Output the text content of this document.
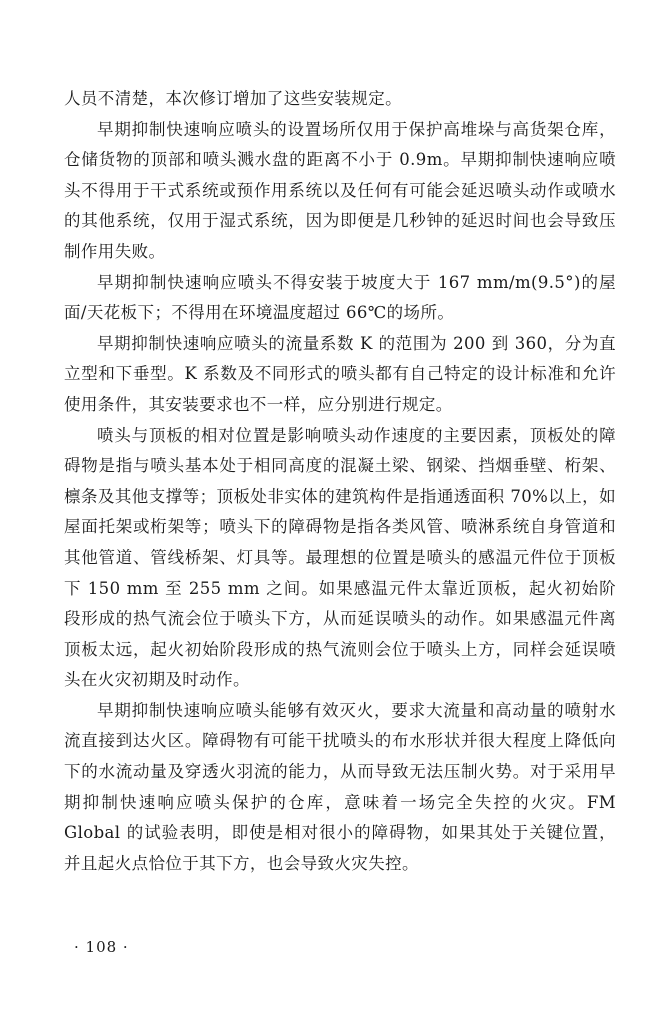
人员不清楚，本次修订增加了这些安装规定。

早期抑制快速响应喷头的设置场所仅用于保护高堆垛与高货架仓库，仓储货物的顶部和喷头溅水盘的距离不小于 0.9m。早期抑制快速响应喷头不得用于干式系统或预作用系统以及任何有可能会延迟喷头动作或喷水的其他系统，仅用于湿式系统，因为即便是几秒钟的延迟时间也会导致压制作用失败。

早期抑制快速响应喷头不得安装于坡度大于 167 mm/m(9.5°)的屋面/天花板下；不得用在环境温度超过 66℃的场所。

早期抑制快速响应喷头的流量系数 K 的范围为 200 到 360，分为直立型和下垂型。K 系数及不同形式的喷头都有自己特定的设计标准和允许使用条件，其安装要求也不一样，应分别进行规定。

喷头与顶板的相对位置是影响喷头动作速度的主要因素，顶板处的障碍物是指与喷头基本处于相同高度的混凝土梁、钢梁、挡烟垂壁、桁架、檩条及其他支撑等；顶板处非实体的建筑构件是指通透面积 70%以上，如屋面托架或桁架等；喷头下的障碍物是指各类风管、喷淋系统自身管道和其他管道、管线桥架、灯具等。最理想的位置是喷头的感温元件位于顶板下 150 mm 至 255 mm 之间。如果感温元件太靠近顶板，起火初始阶段形成的热气流会位于喷头下方，从而延误喷头的动作。如果感温元件离顶板太远，起火初始阶段形成的热气流则会位于喷头上方，同样会延误喷头在火灾初期及时动作。

早期抑制快速响应喷头能够有效灭火，要求大流量和高动量的喷射水流直接到达火区。障碍物有可能干扰喷头的布水形状并很大程度上降低向下的水流动量及穿透火羽流的能力，从而导致无法压制火势。对于采用早期抑制快速响应喷头保护的仓库，意味着一场完全失控的火灾。FM Global 的试验表明，即使是相对很小的障碍物，如果其处于关键位置，并且起火点恰位于其下方，也会导致火灾失控。

· 108 ·
